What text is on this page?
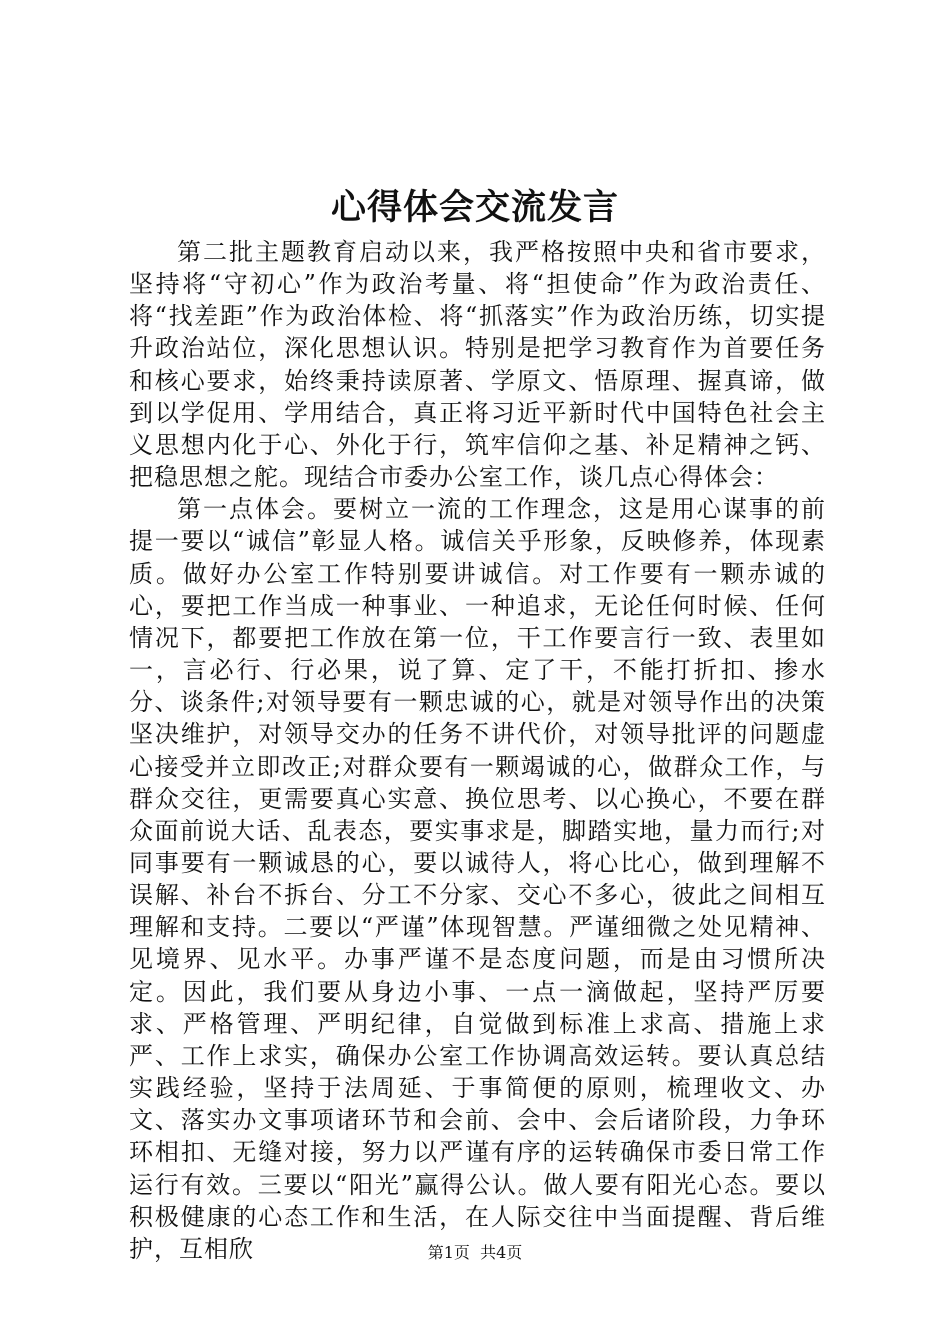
心得体会交流发言

第二批主题教育启动以来，我严格按照中央和省市要求，坚持将“守初心”作为政治考量、将“担使命”作为政治责任、将“找差距”作为政治体检、将“抓落实”作为政治历练，切实提升政治站位，深化思想认识。特别是把学习教育作为首要任务和核心要求，始终秉持读原著、学原文、悟原理、握真谛，做到以学促用、学用结合，真正将习近平新时代中国特色社会主义思想内化于心、外化于行，筑牢信仰之基、补足精神之钙、把稳思想之舵。现结合市委办公室工作，谈几点心得体会：

第一点体会。要树立一流的工作理念，这是用心谋事的前提一要以“诚信”彰显人格。诚信关乎形象，反映修养，体现素质。做好办公室工作特别要讲诚信。对工作要有一颗赤诚的心，要把工作当成一种事业、一种追求，无论任何时候、任何情况下，都要把工作放在第一位，干工作要言行一致、表里如一，言必行、行必果，说了算、定了干，不能打折扣、掺水分、谈条件;对领导要有一颗忠诚的心，就是对领导作出的决策坚决维护，对领导交办的任务不讲代价，对领导批评的问题虚心接受并立即改正;对群众要有一颗竭诚的心，做群众工作，与群众交往，更需要真心实意、换位思考、以心换心，不要在群众面前说大话、乱表态，要实事求是，脚踏实地，量力而行;对同事要有一颗诚恳的心，要以诚待人，将心比心，做到理解不误解、补台不拆台、分工不分家、交心不多心，彼此之间相互理解和支持。二要以“严谨”体现智慧。严谨细微之处见精神、见境界、见水平。办事严谨不是态度问题，而是由习惯所决定。因此，我们要从身边小事、一点一滴做起，坚持严厉要求、严格管理、严明纪律，自觉做到标准上求高、措施上求严、工作上求实，确保办公室工作协调高效运转。要认真总结实践经验，坚持于法周延、于事简便的原则，梳理收文、办文、落实办文事项诸环节和会前、会中、会后诸阶段，力争环环相扣、无缝对接，努力以严谨有序的运转确保市委日常工作运行有效。三要以“阳光”赢得公认。做人要有阳光心态。要以积极健康的心态工作和生活，在人际交往中当面提醒、背后维护，互相欣	第1页 共4页
